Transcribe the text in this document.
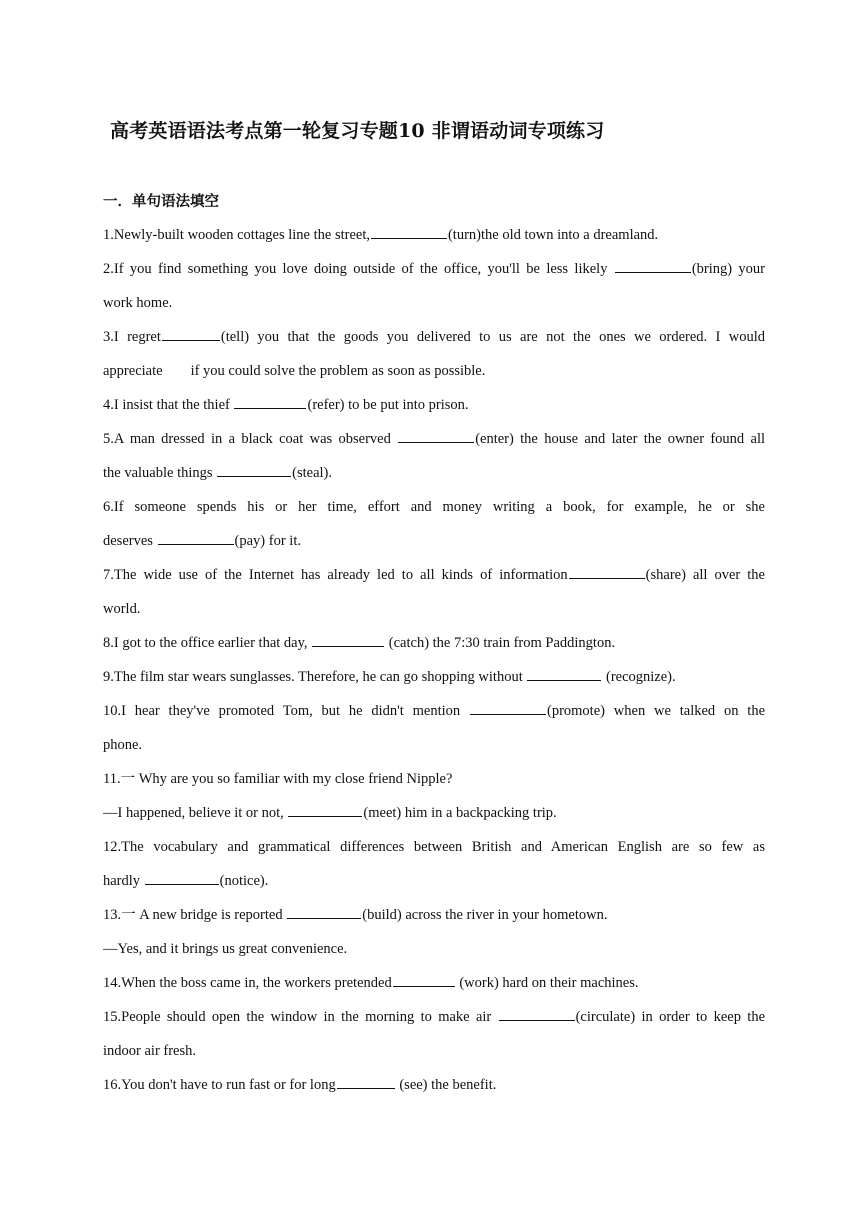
高考英语语法考点第一轮复习专题10 非谓语动词专项练习
一．单句语法填空
1.Newly-built wooden cottages line the street,	(turn)the old town into a dreamland.
2.If you find something you love doing outside of the office, you'll be less likely	(bring) your
work home.
3.I regret	(tell) you that the goods you delivered to us are not the ones we ordered. I would
appreciate if you could solve the problem as soon as possible.
4.I insist that the thief	(refer) to be put into prison.
5.A man dressed in a black coat was observed	(enter) the house and later the owner found all
the valuable things	(steal).
6.If someone spends his or her time, effort and money writing a book, for example, he or she
deserves	(pay) for it.
7.The wide use of the Internet has already led to all kinds of information	(share) all over the
world.
8.I got to the office earlier that day,	(catch) the 7:30 train from Paddington.
9.The film star wears sunglasses. Therefore, he can go shopping without	(recognize).
10.I hear they've promoted Tom, but he didn't mention	(promote) when we talked on the
phone.
11.一 Why are you so familiar with my close friend Nipple?
—I happened, believe it or not,	(meet) him in a backpacking trip.
12.The vocabulary and grammatical differences between British and American English are so few as
hardly	(notice).
13.一 A new bridge is reported	(build) across the river in your hometown.
—Yes, and it brings us great convenience.
14.When the boss came in, the workers pretended	(work) hard on their machines.
15.People should open the window in the morning to make air	(circulate) in order to keep the
indoor air fresh.
16.You don't have to run fast or for long	(see) the benefit.
